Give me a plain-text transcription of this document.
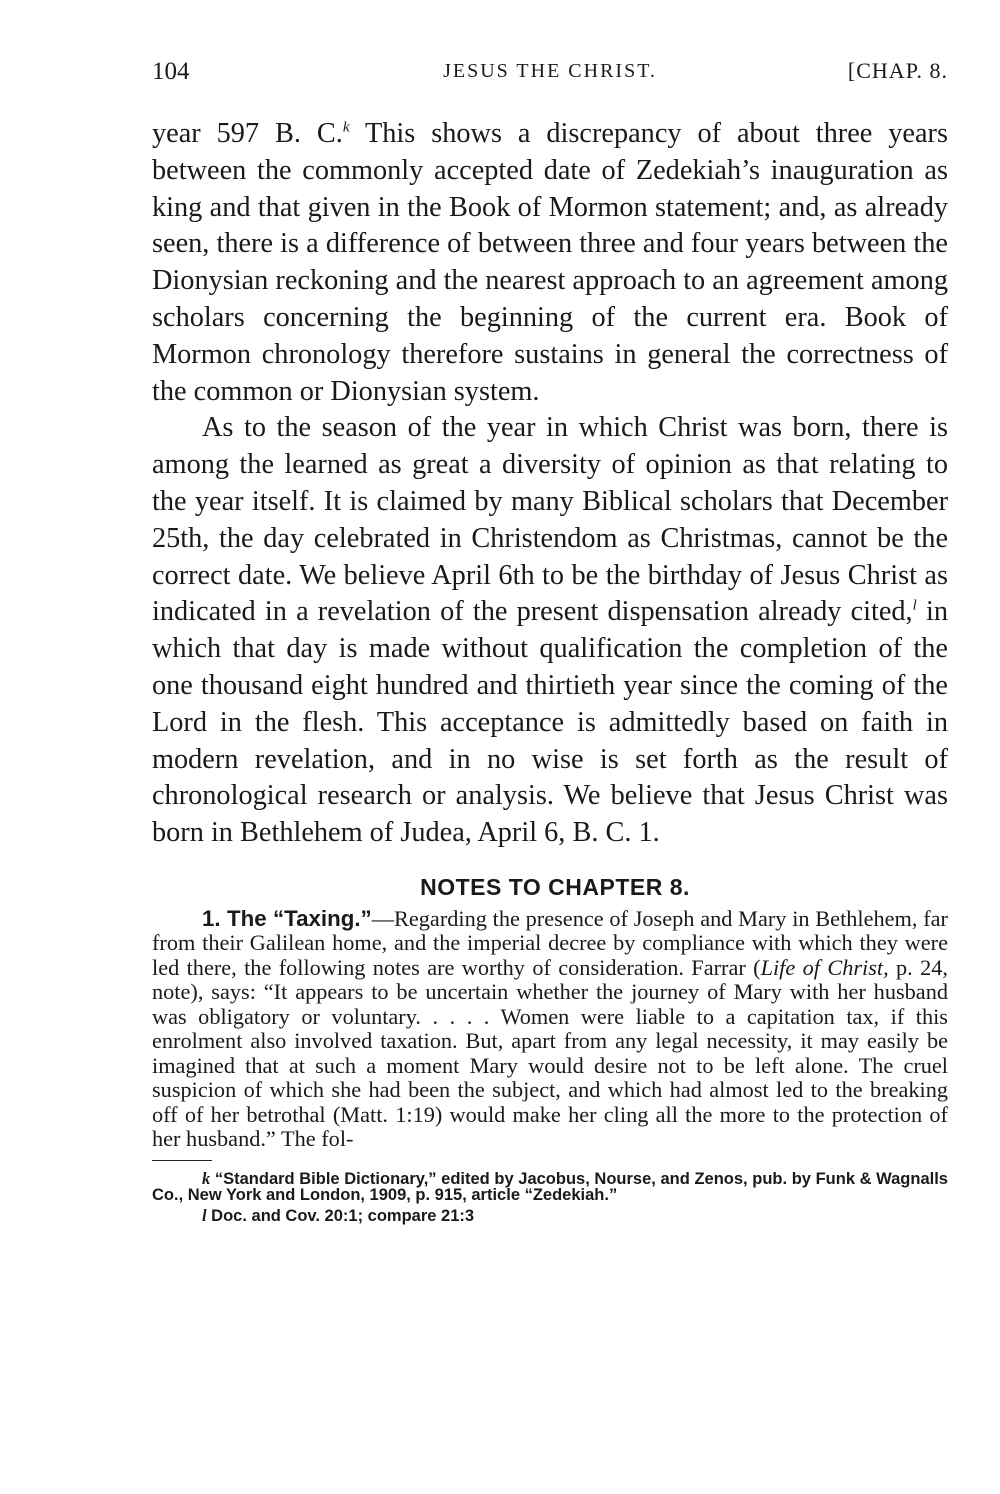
104	JESUS THE CHRIST.	[CHAP. 8.

year 597 B. C.$^k$ This shows a discrepancy of about three years between the commonly accepted date of Zedekiah’s inauguration as king and that given in the Book of Mormon statement; and, as already seen, there is a difference of between three and four years between the Dionysian reckoning and the nearest approach to an agreement among scholars concerning the beginning of the current era. Book of Mormon chronology therefore sustains in general the correctness of the common or Dionysian system.

As to the season of the year in which Christ was born, there is among the learned as great a diversity of opinion as that relating to the year itself. It is claimed by many Biblical scholars that December 25th, the day celebrated in Christendom as Christmas, cannot be the correct date. We believe April 6th to be the birthday of Jesus Christ as indicated in a revelation of the present dispensation already cited,$^l$ in which that day is made without qualification the completion of the one thousand eight hundred and thirtieth year since the coming of the Lord in the flesh. This acceptance is admittedly based on faith in modern revelation, and in no wise is set forth as the result of chronological research or analysis. We believe that Jesus Christ was born in Bethlehem of Judea, April 6, B. C. 1.

NOTES TO CHAPTER 8.

1. The “Taxing.”—Regarding the presence of Joseph and Mary in Bethlehem, far from their Galilean home, and the imperial decree by compliance with which they were led there, the following notes are worthy of consideration. Farrar (Life of Christ, p. 24, note), says: “It appears to be uncertain whether the journey of Mary with her husband was obligatory or voluntary. . . . . Women were liable to a capitation tax, if this enrolment also involved taxation. But, apart from any legal necessity, it may easily be imagined that at such a moment Mary would desire not to be left alone. The cruel suspicion of which she had been the subject, and which had almost led to the breaking off of her betrothal (Matt. 1:19) would make her cling all the more to the protection of her husband.” The fol-

k “Standard Bible Dictionary,” edited by Jacobus, Nourse, and Zenos, pub. by Funk & Wagnalls Co., New York and London, 1909, p. 915, article “Zedekiah.”

l Doc. and Cov. 20:1; compare 21:3
